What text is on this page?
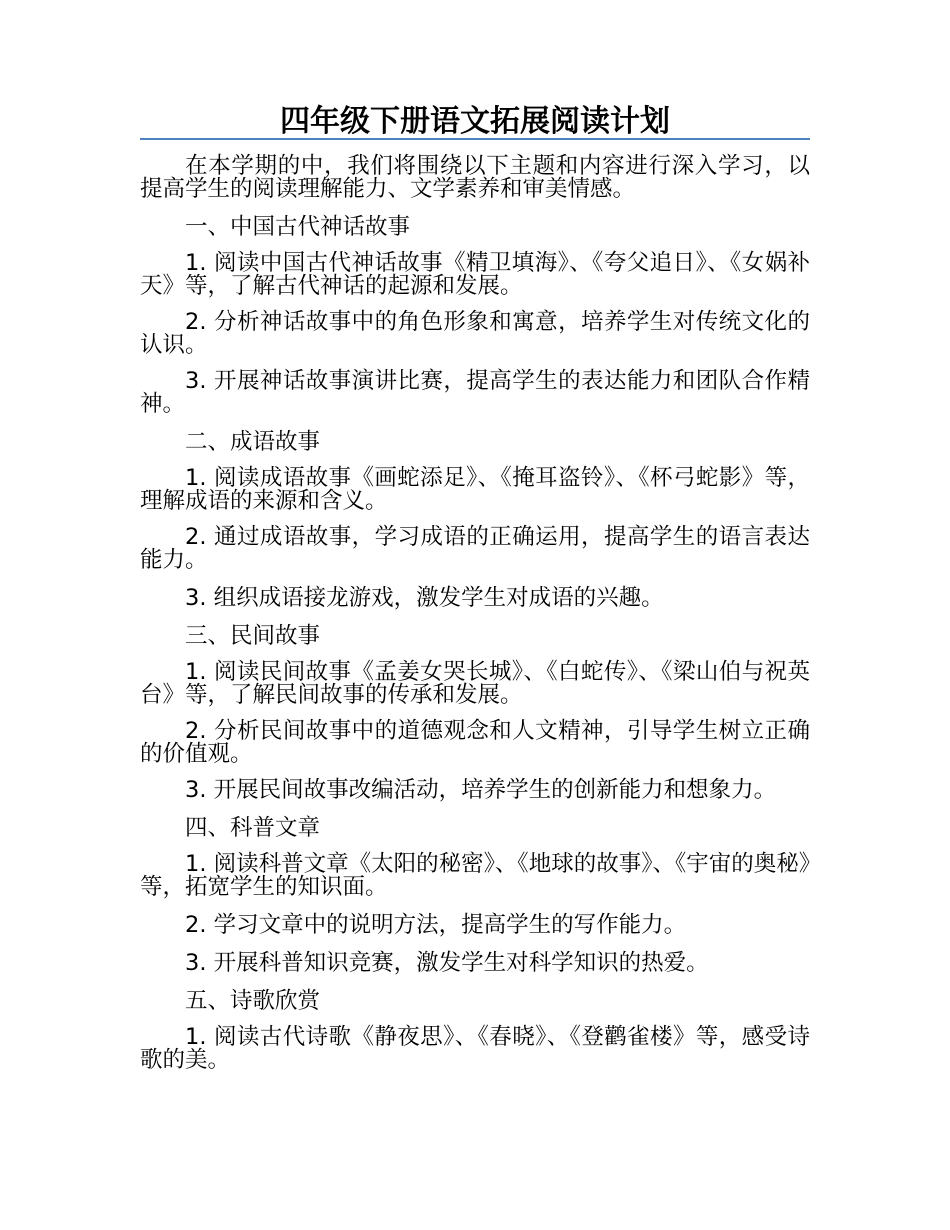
四年级下册语文拓展阅读计划

在本学期的中，我们将围绕以下主题和内容进行深入学习，以提高学生的阅读理解能力、文学素养和审美情感。

一、中国古代神话故事

1. 阅读中国古代神话故事《精卫填海》、《夸父追日》、《女娲补天》等，了解古代神话的起源和发展。

2. 分析神话故事中的角色形象和寓意，培养学生对传统文化的认识。

3. 开展神话故事演讲比赛，提高学生的表达能力和团队合作精神。

二、成语故事

1. 阅读成语故事《画蛇添足》、《掩耳盗铃》、《杯弓蛇影》等，理解成语的来源和含义。

2. 通过成语故事，学习成语的正确运用，提高学生的语言表达能力。

3. 组织成语接龙游戏，激发学生对成语的兴趣。

三、民间故事

1. 阅读民间故事《孟姜女哭长城》、《白蛇传》、《梁山伯与祝英台》等，了解民间故事的传承和发展。

2. 分析民间故事中的道德观念和人文精神，引导学生树立正确的价值观。

3. 开展民间故事改编活动，培养学生的创新能力和想象力。

四、科普文章

1. 阅读科普文章《太阳的秘密》、《地球的故事》、《宇宙的奥秘》等，拓宽学生的知识面。

2. 学习文章中的说明方法，提高学生的写作能力。

3. 开展科普知识竞赛，激发学生对科学知识的热爱。

五、诗歌欣赏

1. 阅读古代诗歌《静夜思》、《春晓》、《登鹳雀楼》等，感受诗歌的美。
